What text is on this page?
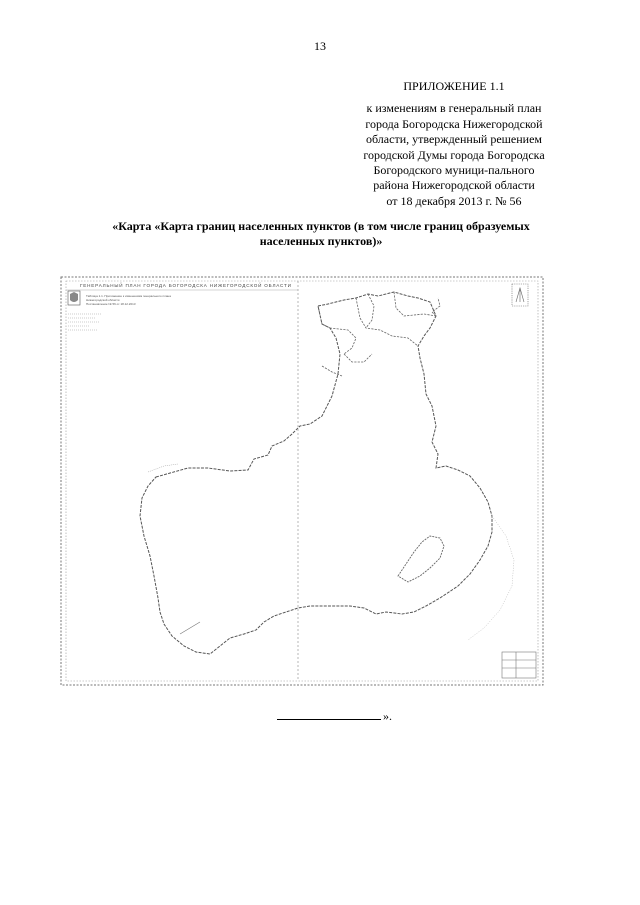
13
ПРИЛОЖЕНИЕ 1.1
к изменениям в генеральный план
города Богородска Нижегородской
области, утвержденный решением
городской Думы города Богородска
Богородского муници-пального
района Нижегородской области
от 18 декабря 2013 г. № 56
«Карта «Карта границ населенных пунктов (в том числе границ образуемых
населенных пунктов)»
ГЕНЕРАЛЬНЫЙ ПЛАН ГОРОДА БОГОРОДСКА НИЖЕГОРОДСКОЙ ОБЛАСТИ
Таблица 1.1. Приложение к изменениям генерального плана
Нижегородской области
Постановление № 56 от 18.12.2013
».
